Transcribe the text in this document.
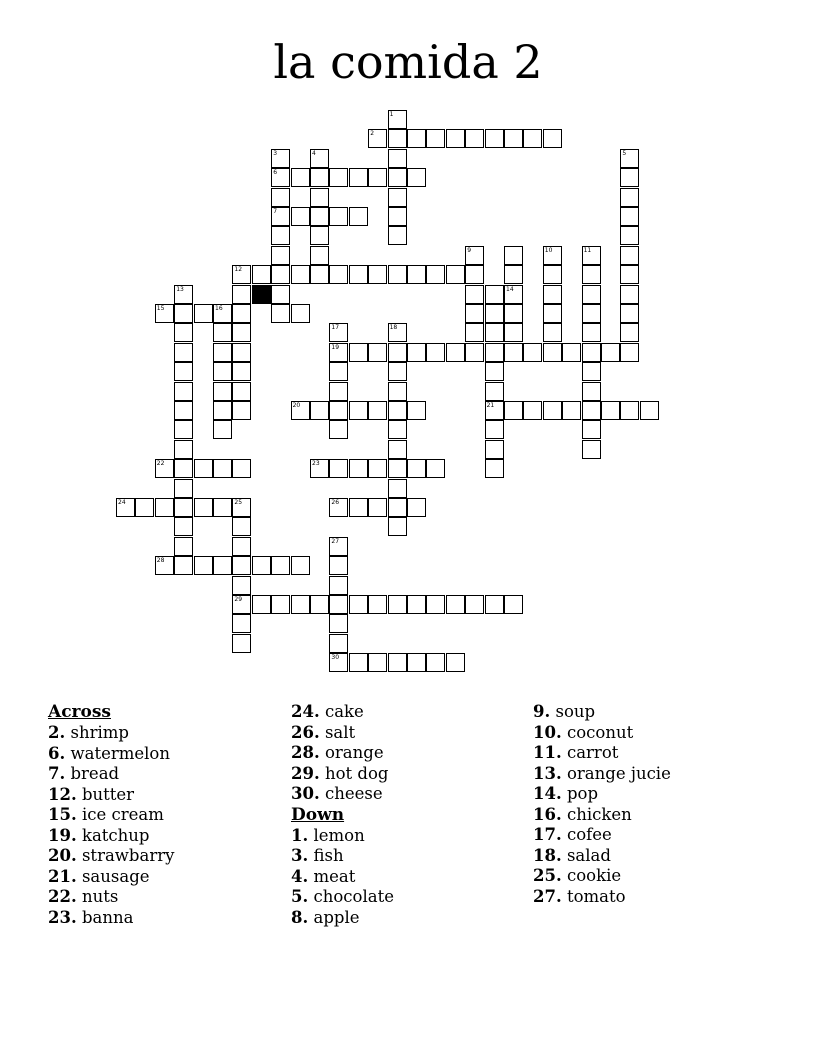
la comida 2
1
2
3	4	5
6
7
9	10	11
12
13	14
15	16
17	18
19
20	21
22	23
24	25	26
27
28
29
30
Across
2. shrimp
6. watermelon
7. bread
12. butter
15. ice cream
19. katchup
20. strawbarry
21. sausage
22. nuts
23. banna
24. cake
26. salt
28. orange
29. hot dog
30. cheese
Down
1. lemon
3. fish
4. meat
5. chocolate
8. apple
9. soup
10. coconut
11. carrot
13. orange jucie
14. pop
16. chicken
17. cofee
18. salad
25. cookie
27. tomato
